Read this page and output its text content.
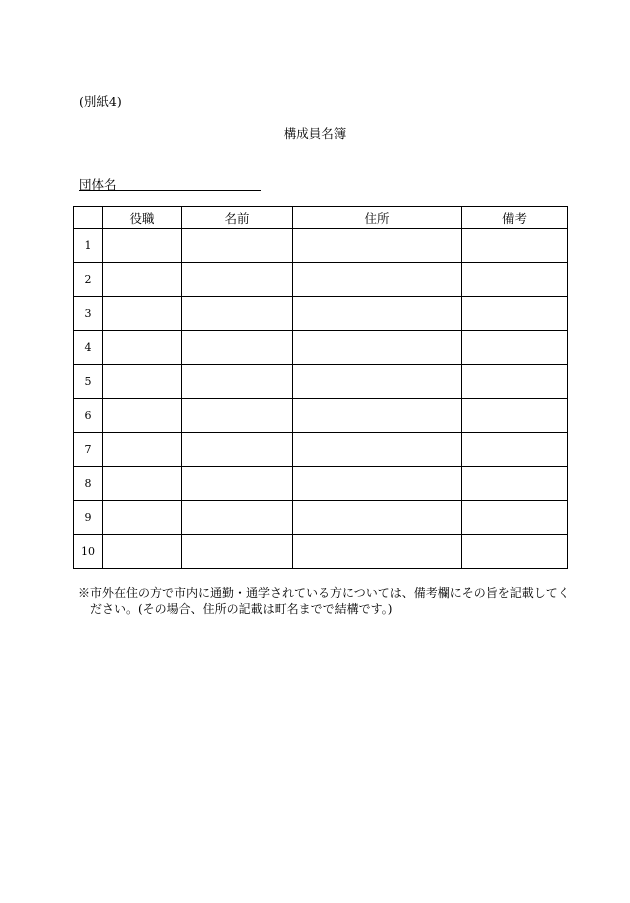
(別紙4)
構成員名簿
団体名
	役職	名前	住所	備考
1				
2				
3				
4				
5				
6				
7				
8				
9				
10				
※市外在住の方で市内に通勤・通学されている方については、備考欄にその旨を記載してく
ださい。(その場合、住所の記載は町名までで結構です。)
